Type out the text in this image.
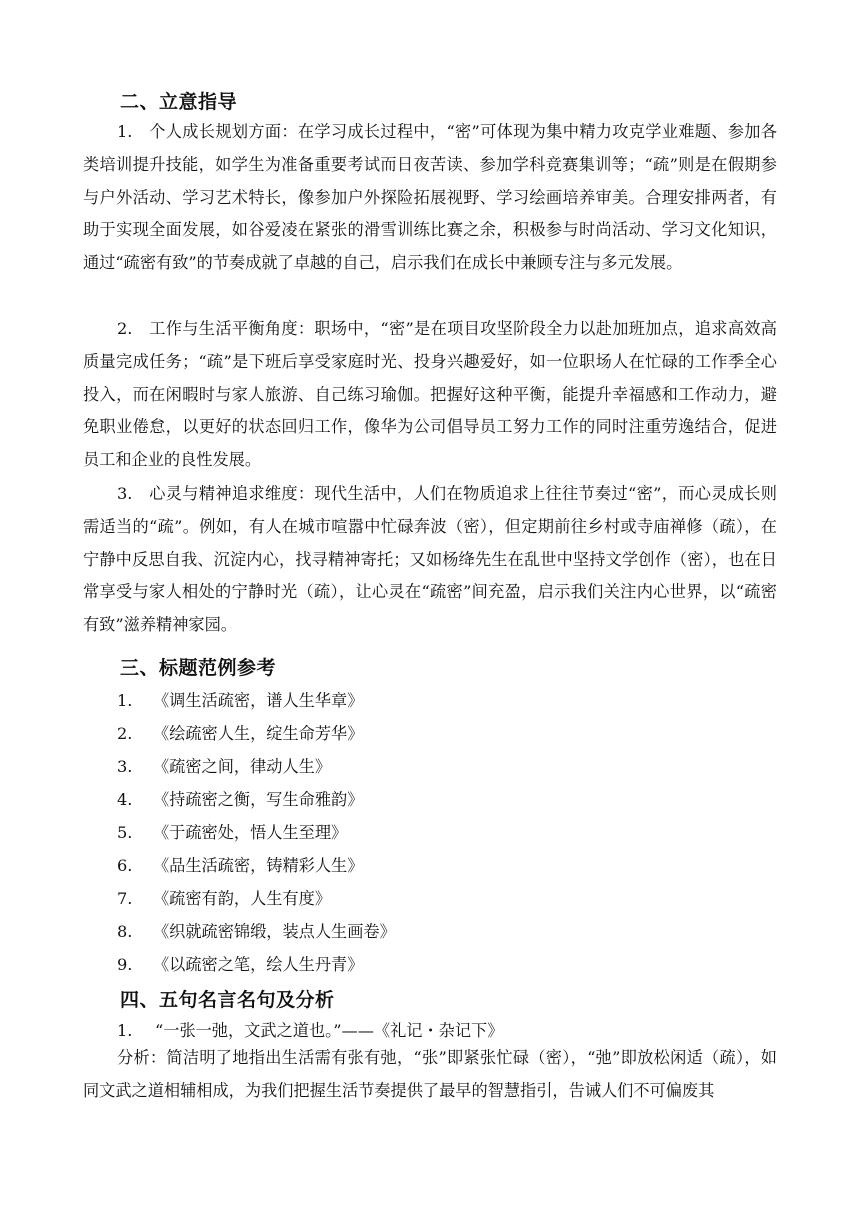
二、立意指导

1.　个人成长规划方面：在学习成长过程中，“密”可体现为集中精力攻克学业难题、参加各类培训提升技能，如学生为准备重要考试而日夜苦读、参加学科竞赛集训等；“疏”则是在假期参与户外活动、学习艺术特长，像参加户外探险拓展视野、学习绘画培养审美。合理安排两者，有助于实现全面发展，如谷爱凌在紧张的滑雪训练比赛之余，积极参与时尚活动、学习文化知识，通过“疏密有致”的节奏成就了卓越的自己，启示我们在成长中兼顾专注与多元发展。

2.　工作与生活平衡角度：职场中，“密”是在项目攻坚阶段全力以赴加班加点，追求高效高质量完成任务；“疏”是下班后享受家庭时光、投身兴趣爱好，如一位职场人在忙碌的工作季全心投入，而在闲暇时与家人旅游、自己练习瑜伽。把握好这种平衡，能提升幸福感和工作动力，避免职业倦怠，以更好的状态回归工作，像华为公司倡导员工努力工作的同时注重劳逸结合，促进员工和企业的良性发展。

3.　心灵与精神追求维度：现代生活中，人们在物质追求上往往节奏过“密”，而心灵成长则需适当的“疏”。例如，有人在城市喧嚣中忙碌奔波（密），但定期前往乡村或寺庙禅修（疏），在宁静中反思自我、沉淀内心，找寻精神寄托；又如杨绛先生在乱世中坚持文学创作（密），也在日常享受与家人相处的宁静时光（疏），让心灵在“疏密”间充盈，启示我们关注内心世界，以“疏密有致”滋养精神家园。

三、标题范例参考
1. 《调生活疏密，谱人生华章》
2. 《绘疏密人生，绽生命芳华》
3. 《疏密之间，律动人生》
4. 《持疏密之衡，写生命雅韵》
5. 《于疏密处，悟人生至理》
6. 《品生活疏密，铸精彩人生》
7. 《疏密有韵，人生有度》
8. 《织就疏密锦缎，装点人生画卷》
9. 《以疏密之笔，绘人生丹青》
四、五句名言名句及分析
1. “一张一弛，文武之道也。”——《礼记・杂记下》

分析：简洁明了地指出生活需有张有弛，“张”即紧张忙碌（密），“弛”即放松闲适（疏），如同文武之道相辅相成，为我们把握生活节奏提供了最早的智慧指引，告诫人们不可偏废其
